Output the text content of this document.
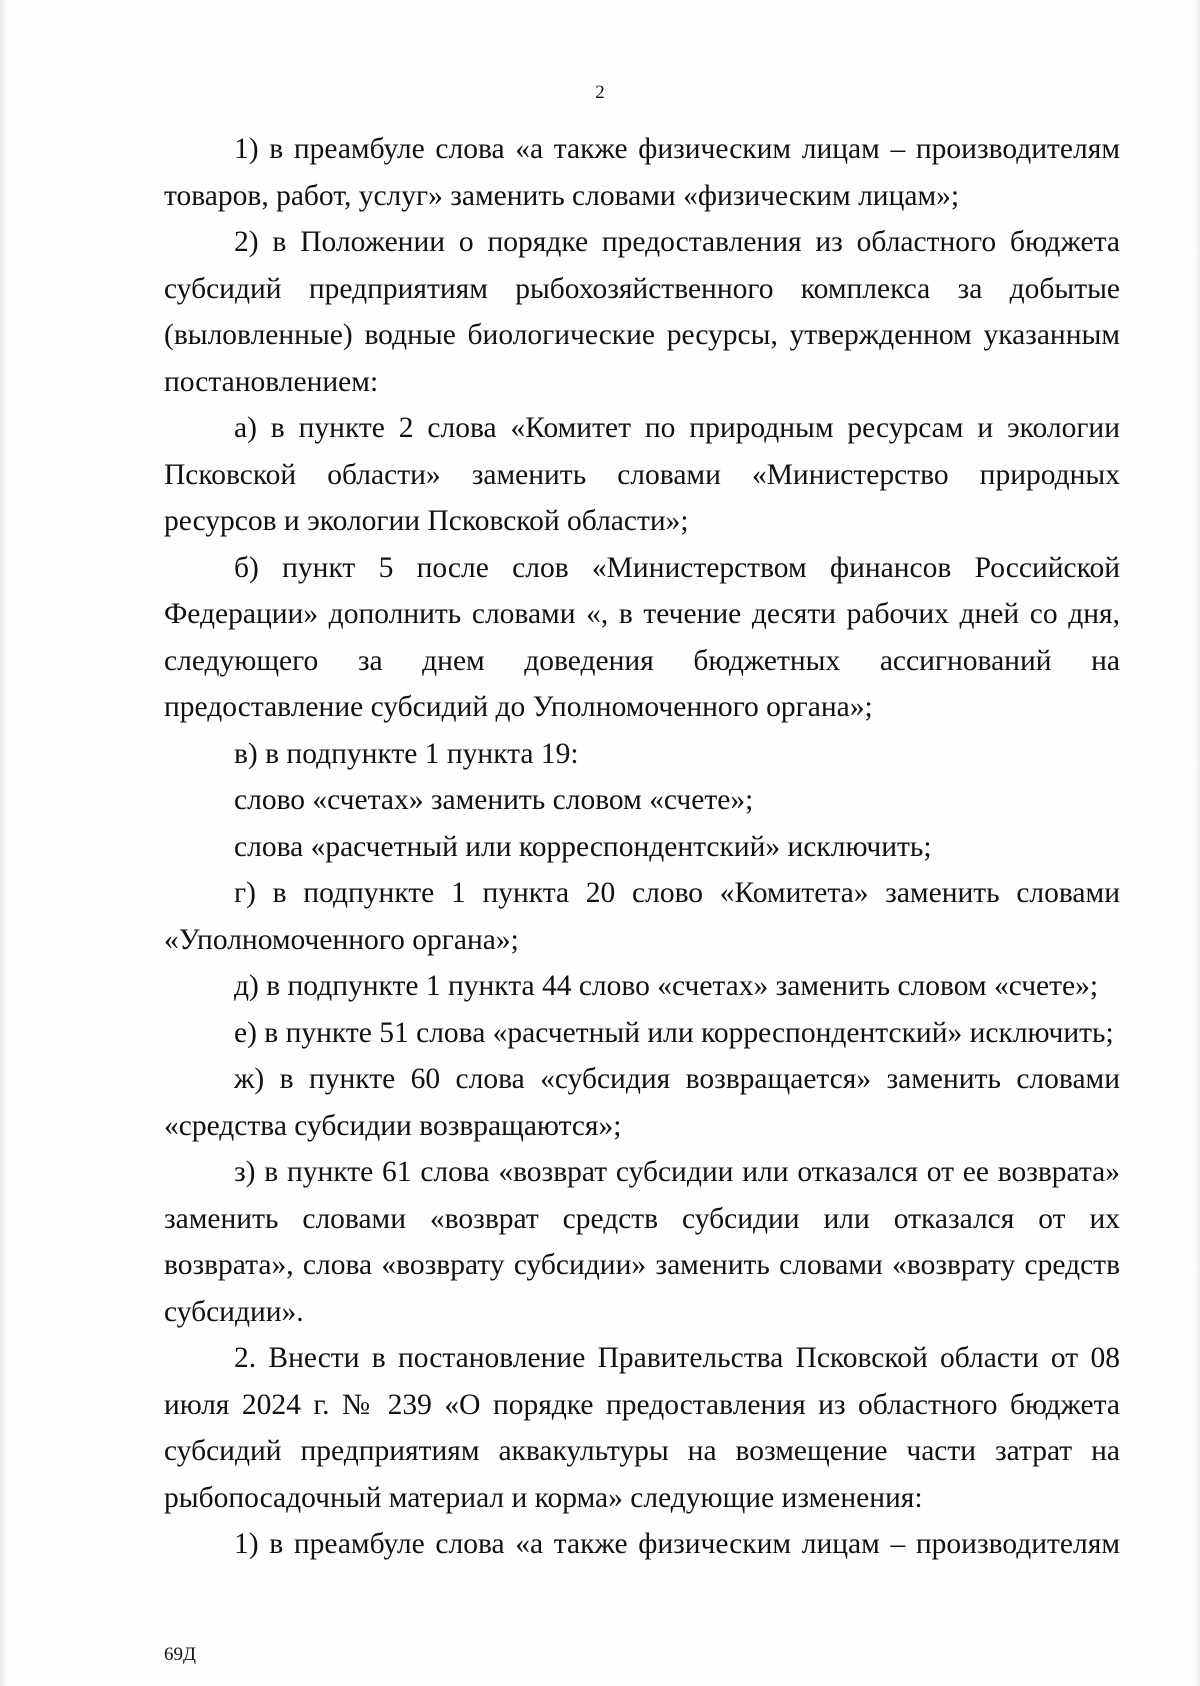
2

1) в преамбуле слова «а также физическим лицам – производителям товаров, работ, услуг» заменить словами «физическим лицам»;

2) в Положении о порядке предоставления из областного бюджета субсидий предприятиям рыбохозяйственного комплекса за добытые (выловленные) водные биологические ресурсы, утвержденном указанным постановлением:

а) в пункте 2 слова «Комитет по природным ресурсам и экологии Псковской области» заменить словами «Министерство природных ресурсов и экологии Псковской области»;

б) пункт 5 после слов «Министерством финансов Российской Федерации» дополнить словами «, в течение десяти рабочих дней со дня, следующего за днем доведения бюджетных ассигнований на предоставление субсидий до Уполномоченного органа»;

в) в подпункте 1 пункта 19:

слово «счетах» заменить словом «счете»;

слова «расчетный или корреспондентский» исключить;

г) в подпункте 1 пункта 20 слово «Комитета» заменить словами «Уполномоченного органа»;

д) в подпункте 1 пункта 44 слово «счетах» заменить словом «счете»;

е) в пункте 51 слова «расчетный или корреспондентский» исключить;

ж) в пункте 60 слова «субсидия возвращается» заменить словами «средства субсидии возвращаются»;

з) в пункте 61 слова «возврат субсидии или отказался от ее возврата» заменить словами «возврат средств субсидии или отказался от их возврата», слова «возврату субсидии» заменить словами «возврату средств субсидии».

2. Внести в постановление Правительства Псковской области от 08 июля 2024 г. № 239 «О порядке предоставления из областного бюджета субсидий предприятиям аквакультуры на возмещение части затрат на рыбопосадочный материал и корма» следующие изменения:

1) в преамбуле слова «а также физическим лицам – производителям

69Д
